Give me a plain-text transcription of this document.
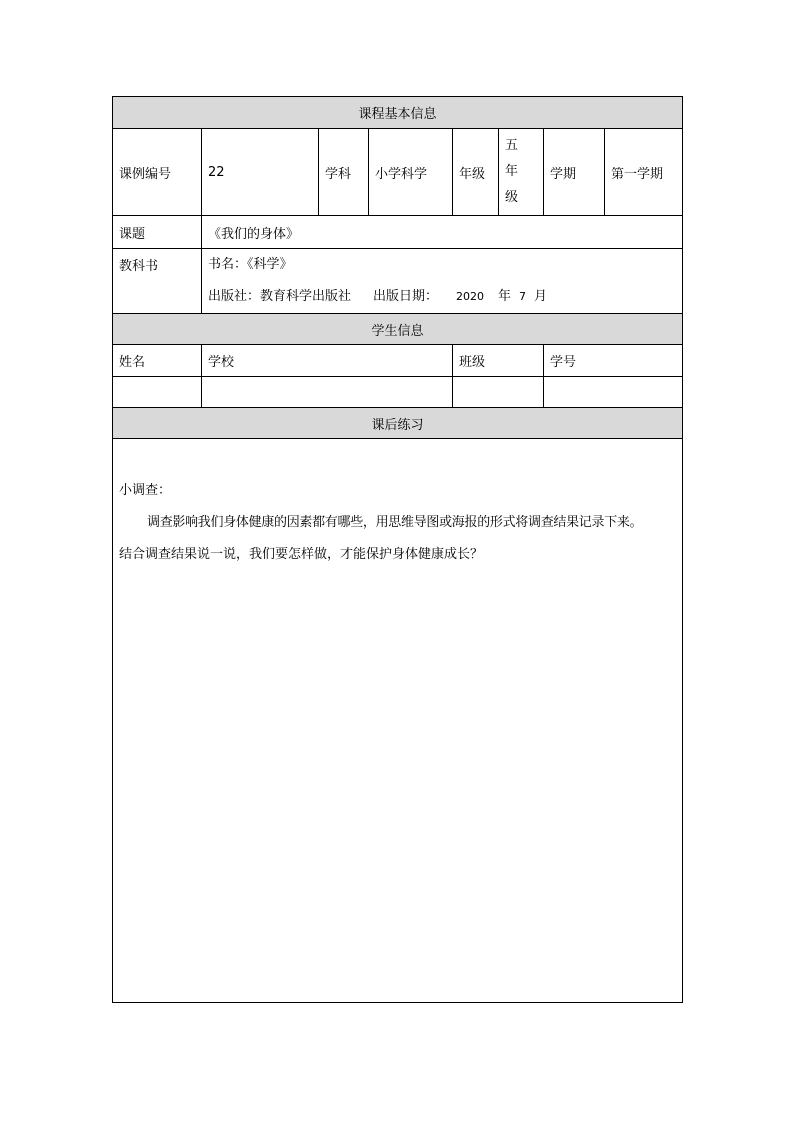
课程基本信息							
课例编号	22	学科	小学科学	年级	五 年 级	学期	第一学期
课题	《我们的身体》						
教科书	书名：《科学》
出版社：教育科学出版社 出版日期： 2020 年 7 月						

学生信息							
姓名	学校			班级		学号	

课后练习							

小调查：
调查影响我们身体健康的因素都有哪些，用思维导图或海报的形式将调查结果记录下来。
结合调查结果说一说，我们要怎样做，才能保护身体健康成长？							
